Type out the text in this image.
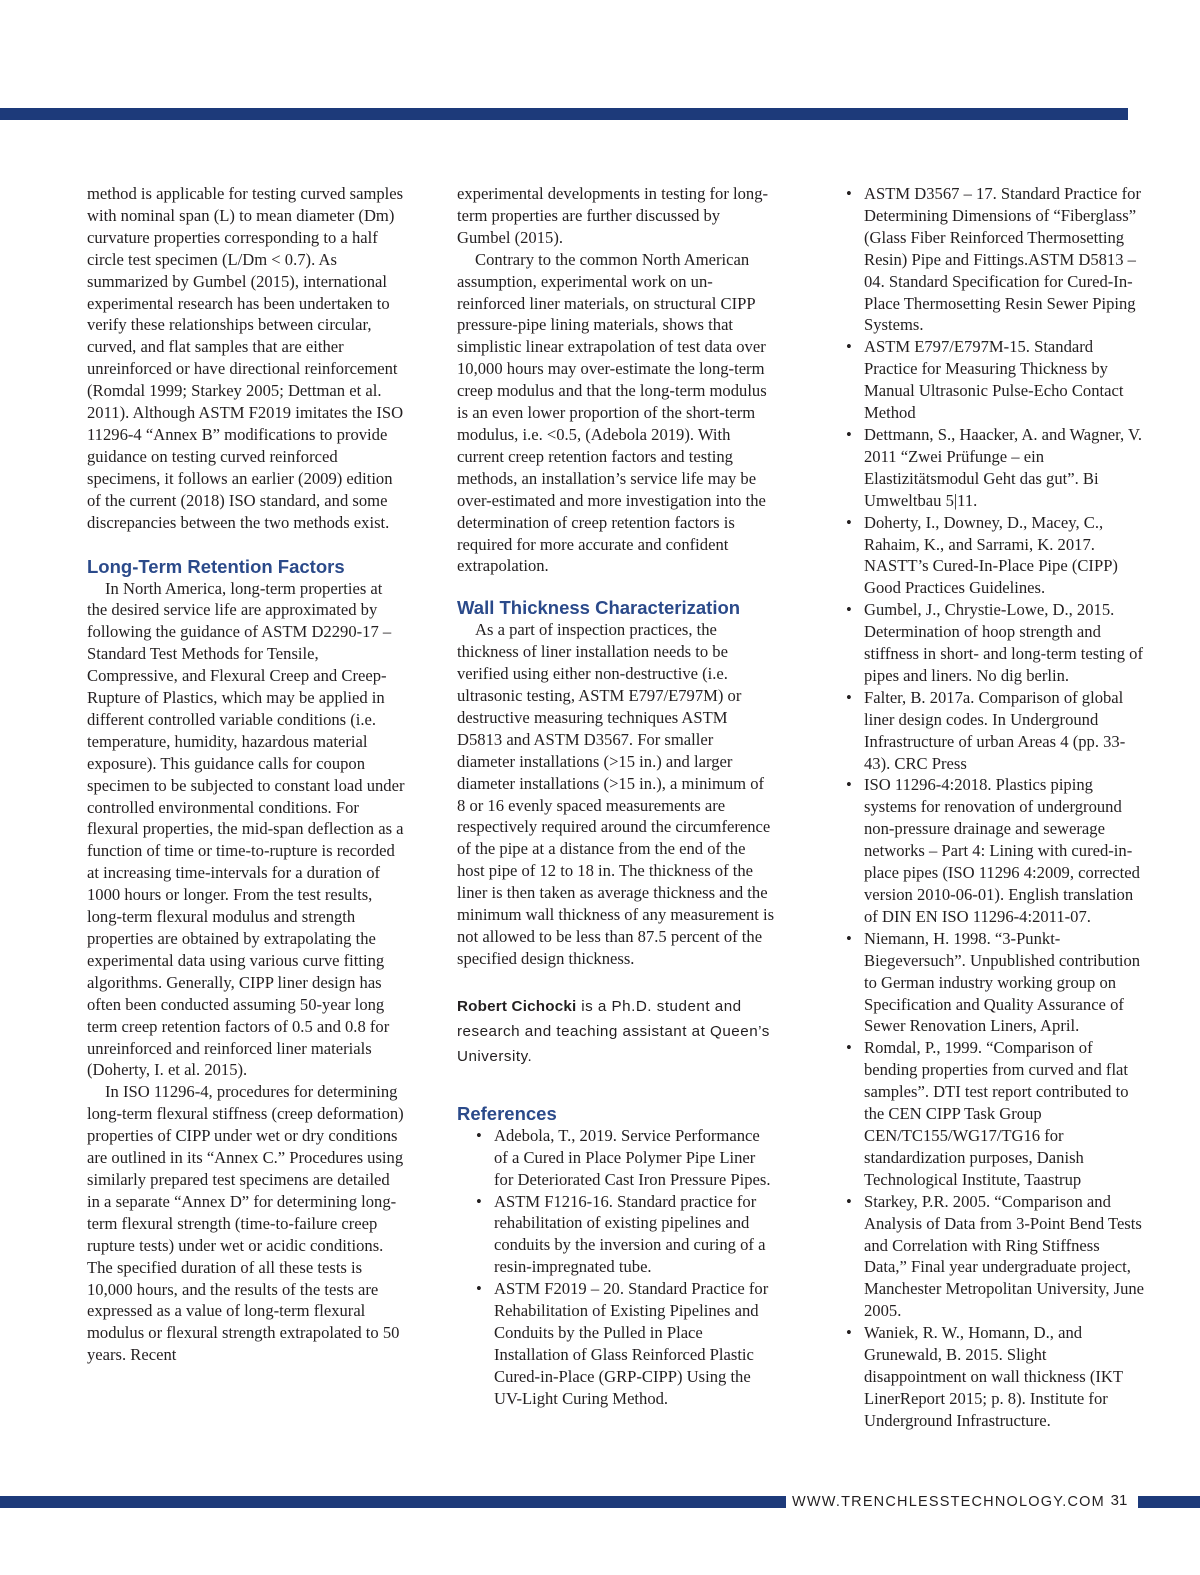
method is applicable for testing curved samples with nominal span (L) to mean diameter (Dm) curvature properties corresponding to a half circle test specimen (L/Dm < 0.7). As summarized by Gumbel (2015), international experimental research has been undertaken to verify these relationships between circular, curved, and flat samples that are either unreinforced or have directional reinforcement (Romdal 1999; Starkey 2005; Dettman et al. 2011). Although ASTM F2019 imitates the ISO 11296-4 “Annex B” modifications to provide guidance on testing curved reinforced specimens, it follows an earlier (2009) edition of the current (2018) ISO standard, and some discrepancies between the two methods exist.

Long-Term Retention Factors

In North America, long-term properties at the desired service life are approximated by following the guidance of ASTM D2290-17 – Standard Test Methods for Tensile, Compressive, and Flexural Creep and Creep-Rupture of Plastics, which may be applied in different controlled variable conditions (i.e. temperature, humidity, hazardous material exposure). This guidance calls for coupon specimen to be subjected to constant load under controlled environmental conditions. For flexural properties, the mid-span deflection as a function of time or time-to-rupture is recorded at increasing time-intervals for a duration of 1000 hours or longer. From the test results, long-term flexural modulus and strength properties are obtained by extrapolating the experimental data using various curve fitting algorithms. Generally, CIPP liner design has often been conducted assuming 50-year long term creep retention factors of 0.5 and 0.8 for unreinforced and reinforced liner materials (Doherty, I. et al. 2015).

In ISO 11296-4, procedures for determining long-term flexural stiffness (creep deformation) properties of CIPP under wet or dry conditions are outlined in its “Annex C.” Procedures using similarly prepared test specimens are detailed in a separate “Annex D” for determining long-term flexural strength (time-to-failure creep rupture tests) under wet or acidic conditions. The specified duration of all these tests is 10,000 hours, and the results of the tests are expressed as a value of long-term flexural modulus or flexural strength extrapolated to 50 years. Recent

experimental developments in testing for long-term properties are further discussed by Gumbel (2015).

Contrary to the common North American assumption, experimental work on un-reinforced liner materials, on structural CIPP pressure-pipe lining materials, shows that simplistic linear extrapolation of test data over 10,000 hours may over-estimate the long-term creep modulus and that the long-term modulus is an even lower proportion of the short-term modulus, i.e. <0.5, (Adebola 2019). With current creep retention factors and testing methods, an installation’s service life may be over-estimated and more investigation into the determination of creep retention factors is required for more accurate and confident extrapolation.

Wall Thickness Characterization

As a part of inspection practices, the thickness of liner installation needs to be verified using either non-destructive (i.e. ultrasonic testing, ASTM E797/E797M) or destructive measuring techniques ASTM D5813 and ASTM D3567. For smaller diameter installations (>15 in.) and larger diameter installations (>15 in.), a minimum of 8 or 16 evenly spaced measurements are respectively required around the circumference of the pipe at a distance from the end of the host pipe of 12 to 18 in. The thickness of the liner is then taken as average thickness and the minimum wall thickness of any measurement is not allowed to be less than 87.5 percent of the specified design thickness.

Robert Cichocki is a Ph.D. student and research and teaching assistant at Queen’s University.

References
• Adebola, T., 2019. Service Performance of a Cured in Place Polymer Pipe Liner for Deteriorated Cast Iron Pressure Pipes.
• ASTM F1216-16. Standard practice for rehabilitation of existing pipelines and conduits by the inversion and curing of a resin-impregnated tube.
• ASTM F2019 – 20. Standard Practice for Rehabilitation of Existing Pipelines and Conduits by the Pulled in Place Installation of Glass Reinforced Plastic Cured-in-Place (GRP-CIPP) Using the UV-Light Curing Method.
• ASTM D3567 – 17. Standard Practice for Determining Dimensions of “Fiberglass” (Glass Fiber Reinforced Thermosetting Resin) Pipe and Fittings.ASTM D5813 – 04. Standard Specification for Cured-In-Place Thermosetting Resin Sewer Piping Systems.
• ASTM E797/E797M-15. Standard Practice for Measuring Thickness by Manual Ultrasonic Pulse-Echo Contact Method
• Dettmann, S., Haacker, A. and Wagner, V. 2011 “Zwei Prüfunge – ein Elastizitätsmodul Geht das gut”. Bi Umweltbau 5|11.
• Doherty, I., Downey, D., Macey, C., Rahaim, K., and Sarrami, K. 2017. NASTT’s Cured-In-Place Pipe (CIPP) Good Practices Guidelines.
• Gumbel, J., Chrystie-Lowe, D., 2015. Determination of hoop strength and stiffness in short- and long-term testing of pipes and liners. No dig berlin.
• Falter, B. 2017a. Comparison of global liner design codes. In Underground Infrastructure of urban Areas 4 (pp. 33-43). CRC Press
• ISO 11296-4:2018. Plastics piping systems for renovation of underground non-pressure drainage and sewerage networks – Part 4: Lining with cured-in-place pipes (ISO 11296 4:2009, corrected version 2010-06-01). English translation of DIN EN ISO 11296-4:2011-07.
• Niemann, H. 1998. “3-Punkt-Biegeversuch”. Unpublished contribution to German industry working group on Specification and Quality Assurance of Sewer Renovation Liners, April.
• Romdal, P., 1999. “Comparison of bending properties from curved and flat samples”. DTI test report contributed to the CEN CIPP Task Group CEN/TC155/WG17/TG16 for standardization purposes, Danish Technological Institute, Taastrup
• Starkey, P.R. 2005. “Comparison and Analysis of Data from 3-Point Bend Tests and Correlation with Ring Stiffness Data,” Final year undergraduate project, Manchester Metropolitan University, June 2005.
• Waniek, R. W., Homann, D., and Grunewald, B. 2015. Slight disappointment on wall thickness (IKT LinerReport 2015; p. 8). Institute for Underground Infrastructure.
WWW.TRENCHLESSTECHNOLOGY.COM 31
